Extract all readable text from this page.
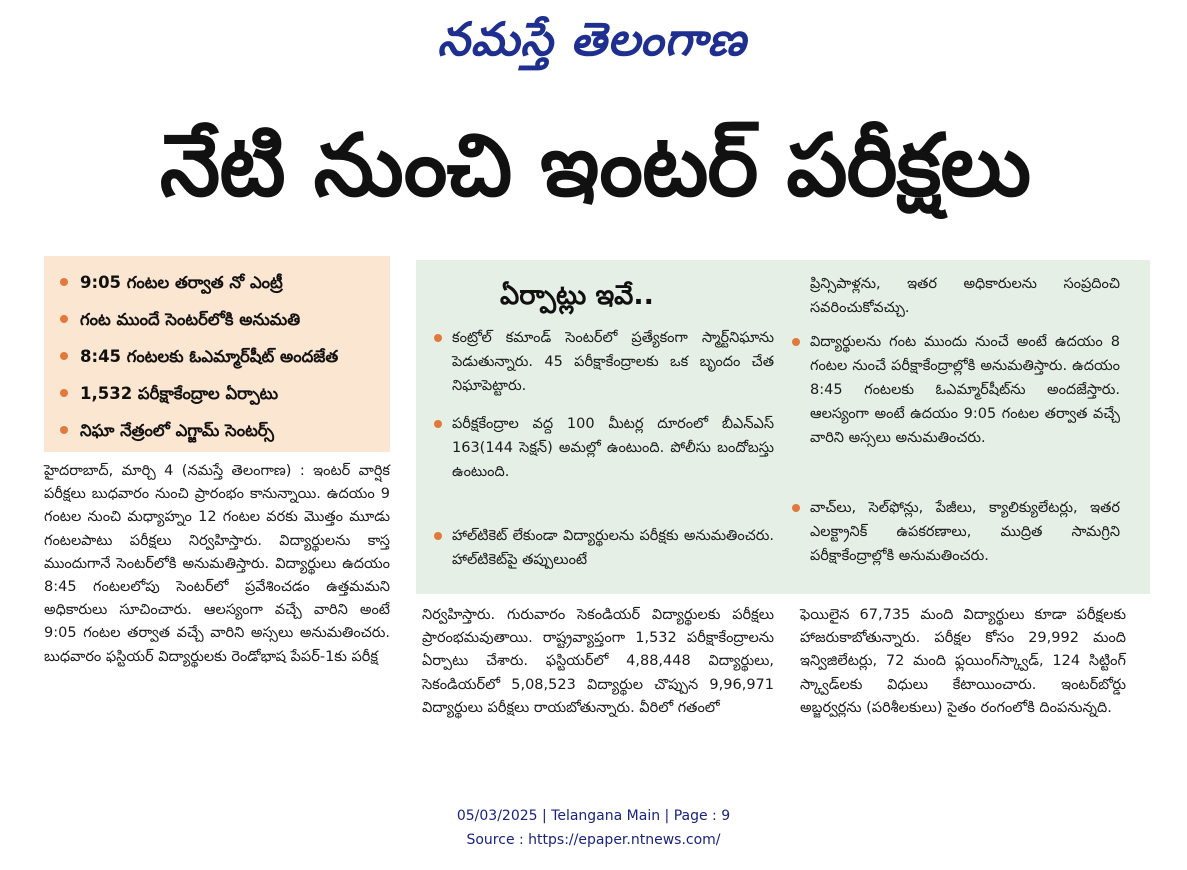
నమస్తే తెలంగాణ
నేటి నుంచి ఇంటర్ పరీక్షలు
9:05 గంటల తర్వాత నో ఎంట్రీ
గంట ముందే సెంటర్‌లోకి అనుమతి
8:45 గంటలకు ఓఎమ్మార్‌షీట్ అందజేత
1,532 పరీక్షాకేంద్రాల ఏర్పాటు
నిఘా నేత్రంలో ఎగ్జామ్ సెంటర్స్
హైదరాబాద్, మార్చి 4 (నమస్తే తెలంగాణ) : ఇంటర్ వార్షిక పరీక్షలు బుధవారం నుంచి ప్రారంభం కానున్నాయి. ఉదయం 9 గంటల నుంచి మధ్యాహ్నం 12 గంటల వరకు మొత్తం మూడు గంటలపాటు పరీక్షలు నిర్వహిస్తారు. విద్యార్థులను కాస్త ముందుగానే సెంటర్‌లోకి అనుమతిస్తారు. విద్యార్థులు ఉదయం 8:45 గంటలలోపు సెంటర్‌లో ప్రవేశించడం ఉత్తమమని అధికారులు సూచించారు. ఆలస్యంగా వచ్చే వారిని అంటే 9:05 గంటల తర్వాత వచ్చే వారిని అస్సలు అనుమతించరు. బుధవారం ఫస్టియర్ విద్యార్థులకు రెండోభాష పేపర్-1కు పరీక్ష
ఏర్పాట్లు ఇవే..
కంట్రోల్ కమాండ్ సెంటర్‌లో ప్రత్యేకంగా స్మార్ట్‌నిఘాను పెడుతున్నారు. 45 పరీక్షాకేంద్రాలకు ఒక బృందం చేత నిఘాపెట్టారు.
పరీక్షకేంద్రాల వద్ద 100 మీటర్ల దూరంలో బీఎన్‌ఎస్ 163(144 సెక్షన్) అమల్లో ఉంటుంది. పోలీసు బందోబస్తు ఉంటుంది.
హాల్‌టికెట్ లేకుండా విద్యార్థులను పరీక్షకు అనుమతించరు. హాల్‌టికెట్‌పై తప్పులుంటే
ప్రిన్సిపాళ్లను, ఇతర అధికారులను సంప్రదించి సవరించుకోవచ్చు.
విద్యార్థులను గంట ముందు నుంచే అంటే ఉదయం 8 గంటల నుంచే పరీక్షాకేంద్రాల్లోకి అనుమతిస్తారు. ఉదయం 8:45 గంటలకు ఓఎమ్మార్‌షీట్‌ను అందజేస్తారు. ఆలస్యంగా అంటే ఉదయం 9:05 గంటల తర్వాత వచ్చే వారిని అస్సలు అనుమతించరు.
వాచ్‌లు, సెల్‌ఫోన్లు, పేజీలు, క్యాలిక్యులేటర్లు, ఇతర ఎలక్ట్రానిక్ ఉపకరణాలు, ముద్రిత సామగ్రిని పరీక్షాకేంద్రాల్లోకి అనుమతించరు.
నిర్వహిస్తారు. గురువారం సెకండియర్ విద్యార్థులకు పరీక్షలు ప్రారంభమవుతాయి. రాష్ట్రవ్యాప్తంగా 1,532 పరీక్షాకేంద్రాలను ఏర్పాటు చేశారు. ఫస్టియర్‌లో 4,88,448 విద్యార్థులు, సెకండియర్‌లో 5,08,523 విద్యార్థుల చొప్పున 9,96,971 విద్యార్థులు పరీక్షలు రాయబోతున్నారు. వీరిలో గతంలో
ఫెయిలైన 67,735 మంది విద్యార్థులు కూడా పరీక్షలకు హాజరుకాబోతున్నారు. పరీక్షల కోసం 29,992 మంది ఇన్విజిలేటర్లు, 72 మంది ఫ్లయింగ్‌స్క్వాడ్, 124 సిట్టింగ్ స్క్వాడ్‌లకు విధులు కేటాయించారు. ఇంటర్‌బోర్డు అబ్జర్వర్లను (పరిశీలకులు) సైతం రంగంలోకి దింపనున్నది.
05/03/2025 | Telangana Main | Page : 9
Source : https://epaper.ntnews.com/
